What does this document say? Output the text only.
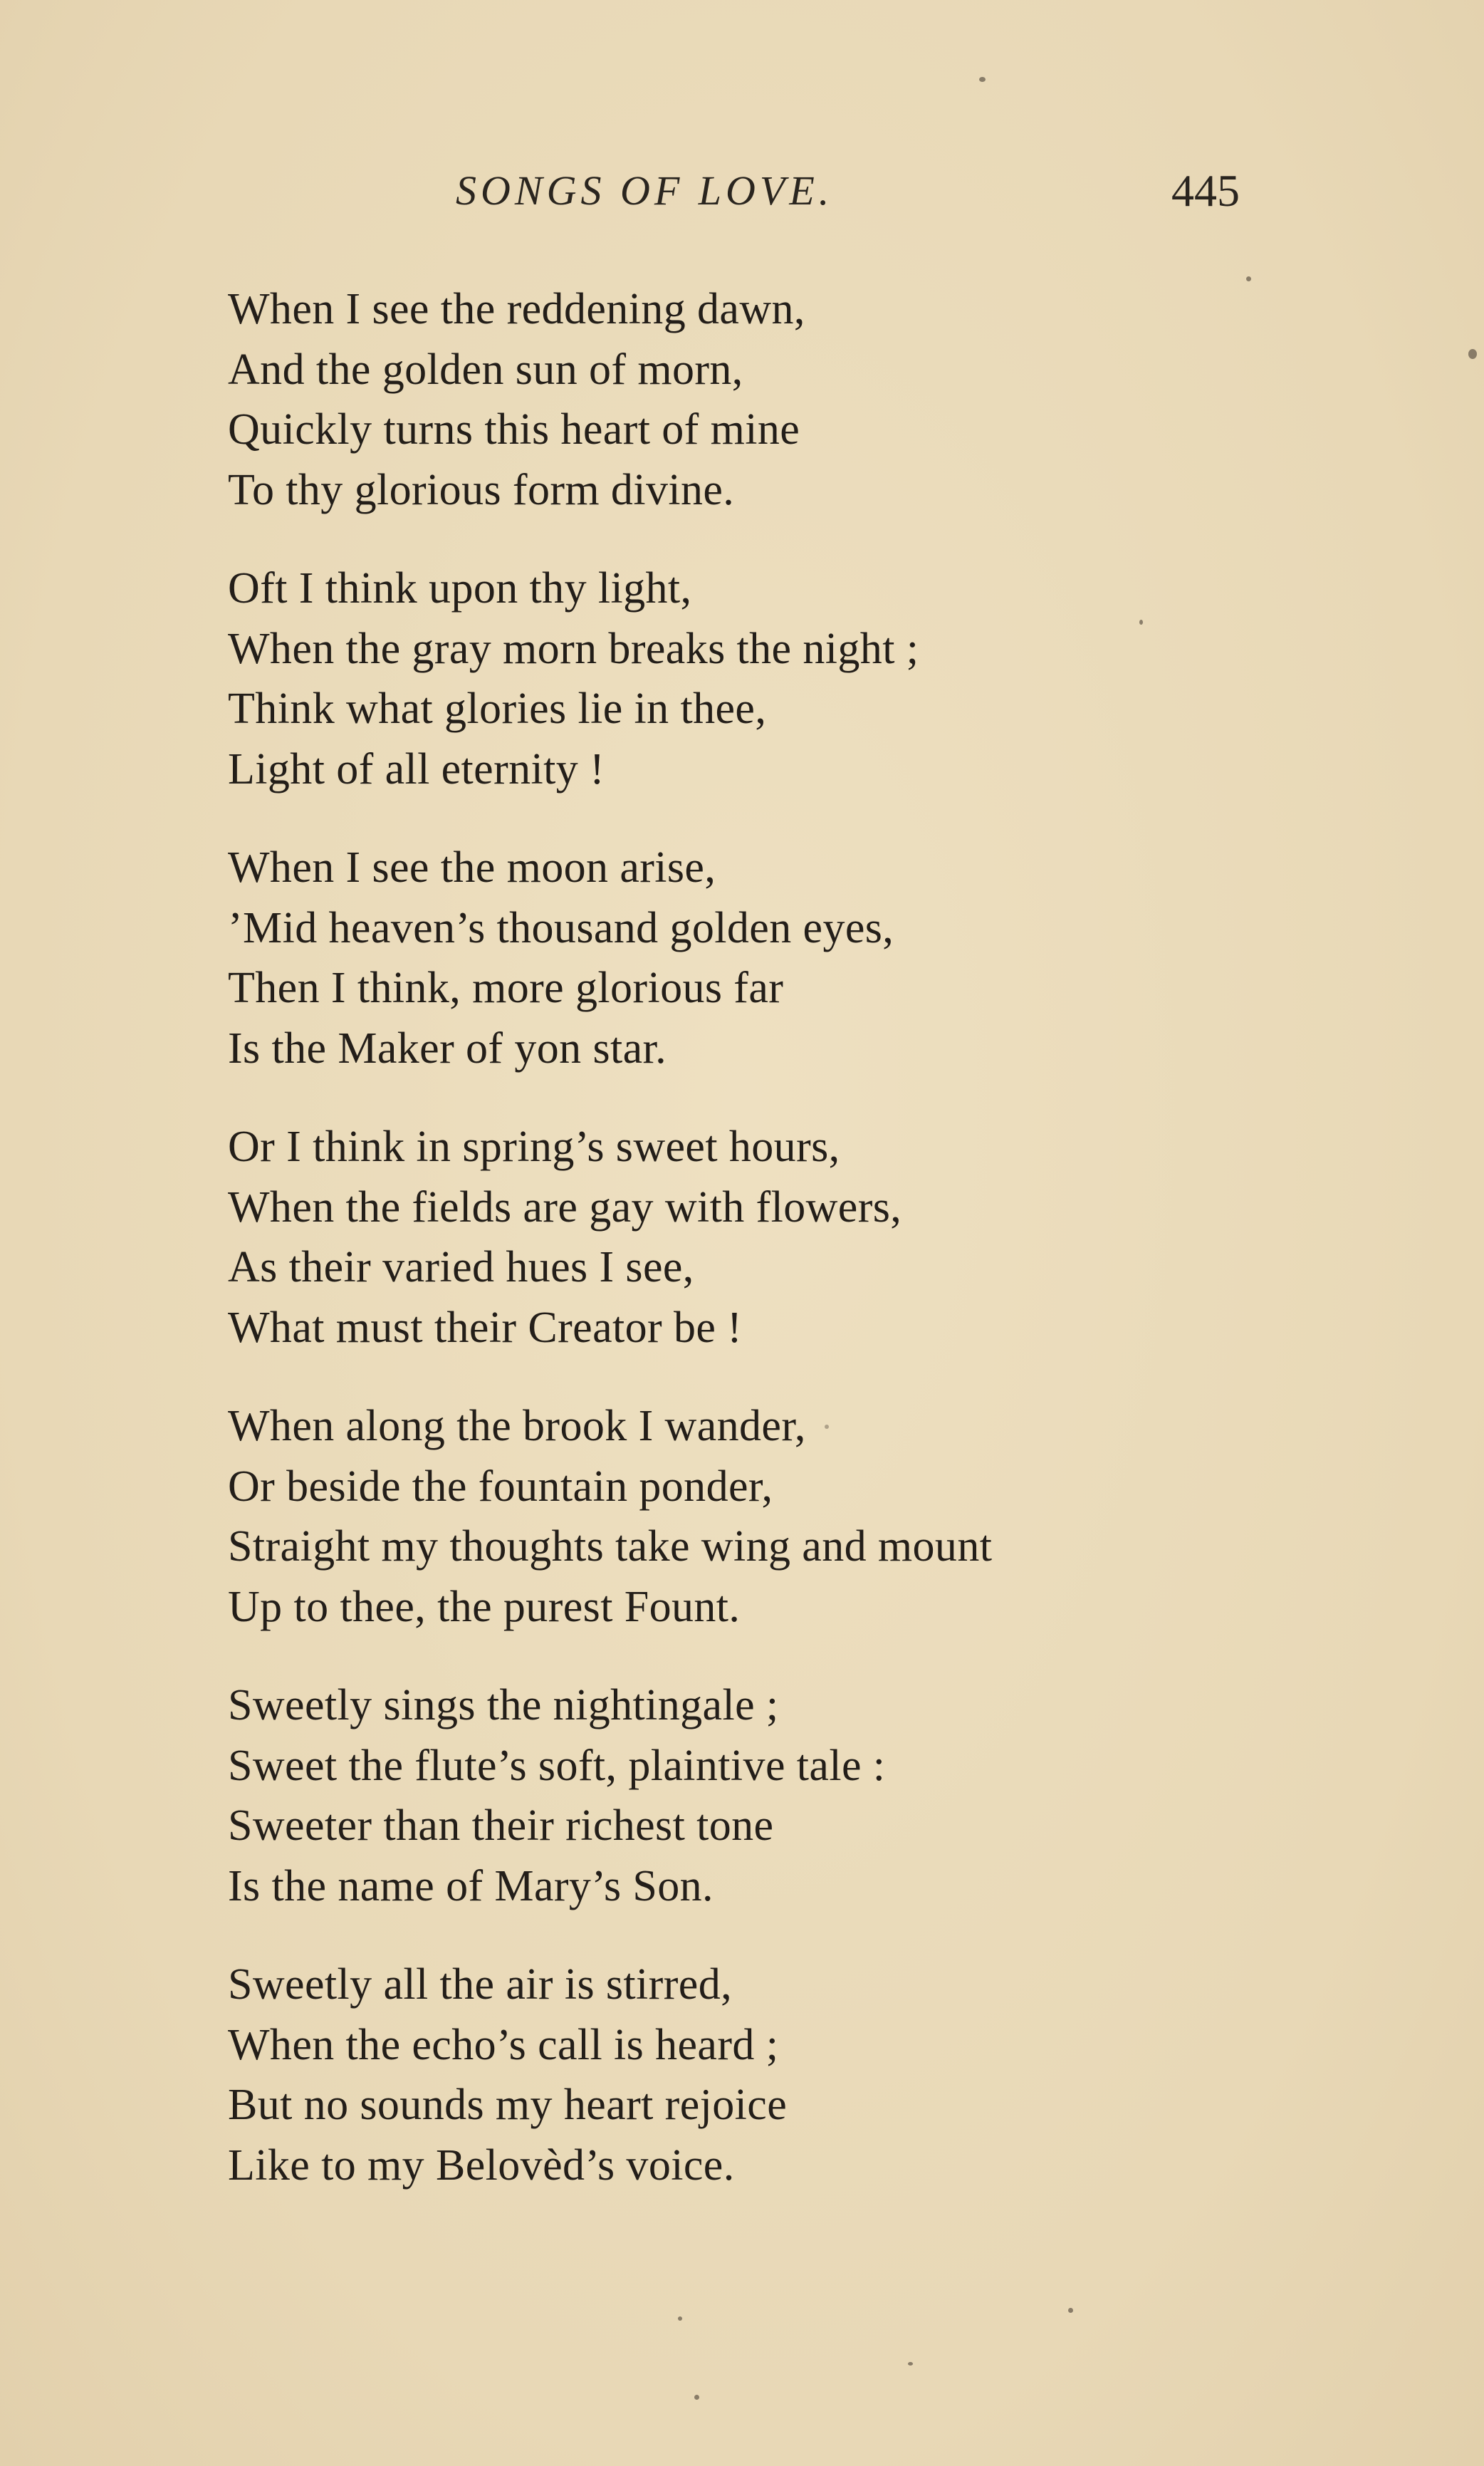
SONGS OF LOVE.	445
When I see the reddening dawn,
And the golden sun of morn,
Quickly turns this heart of mine
To thy glorious form divine.
Oft I think upon thy light,
When the gray morn breaks the night ;
Think what glories lie in thee,
Light of all eternity !
When I see the moon arise,
’Mid heaven’s thousand golden eyes,
Then I think, more glorious far
Is the Maker of yon star.
Or I think in spring’s sweet hours,
When the fields are gay with flowers,
As their varied hues I see,
What must their Creator be !
When along the brook I wander,
Or beside the fountain ponder,
Straight my thoughts take wing and mount
Up to thee, the purest Fount.
Sweetly sings the nightingale ;
Sweet the flute’s soft, plaintive tale :
Sweeter than their richest tone
Is the name of Mary’s Son.
Sweetly all the air is stirred,
When the echo’s call is heard ;
But no sounds my heart rejoice
Like to my Belovèd’s voice.
